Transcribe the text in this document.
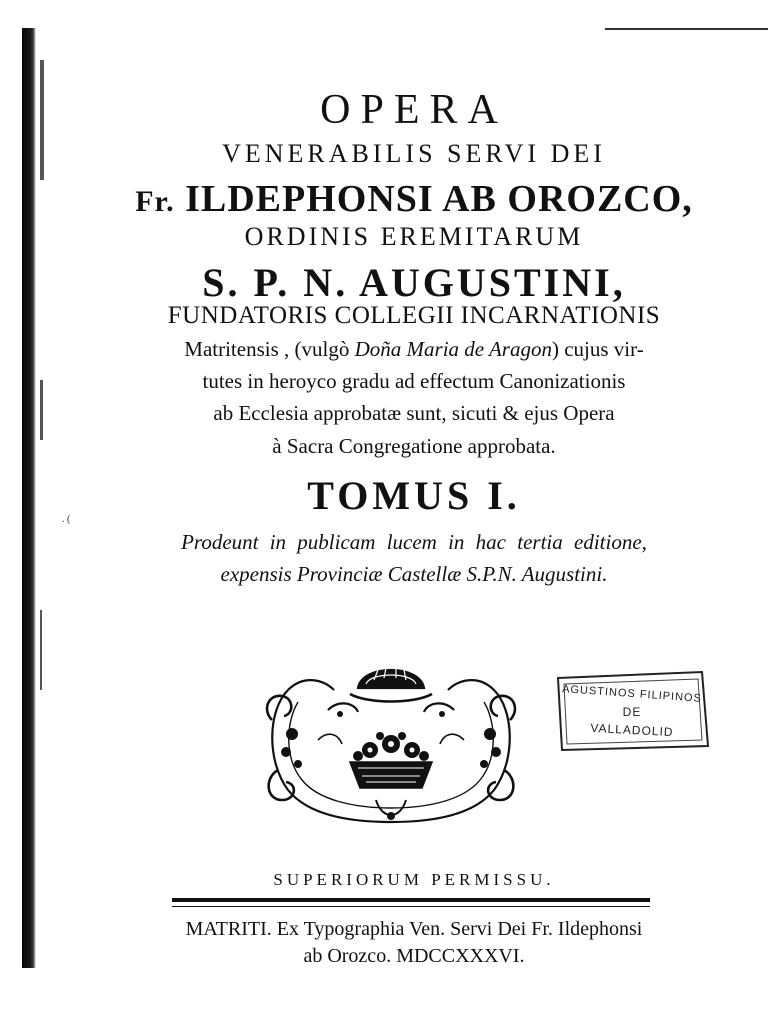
. (
OPERA
VENERABILIS SERVI DEI
Fr. ILDEPHONSI AB OROZCO,
ORDINIS EREMITARUM
S. P. N. AUGUSTINI,
FUNDATORIS COLLEGII INCARNATIONIS
Matritensis , (vulgò Doña Maria de Aragon) cujus vir-
tutes in heroyco gradu ad effectum Canonizationis
ab Ecclesia approbatæ sunt, sicuti & ejus Opera
à Sacra Congregatione approbata.
TOMUS I.
Prodeunt in publicam lucem in hac tertia editione,
expensis Provinciæ Castellæ S.P.N. Augustini.
AGUSTINOS FILIPINOS
DE
VALLADOLID
SUPERIORUM PERMISSU.
MATRITI. Ex Typographia Ven. Servi Dei Fr. Ildephonsi
ab Orozco. MDCCXXXVI.
